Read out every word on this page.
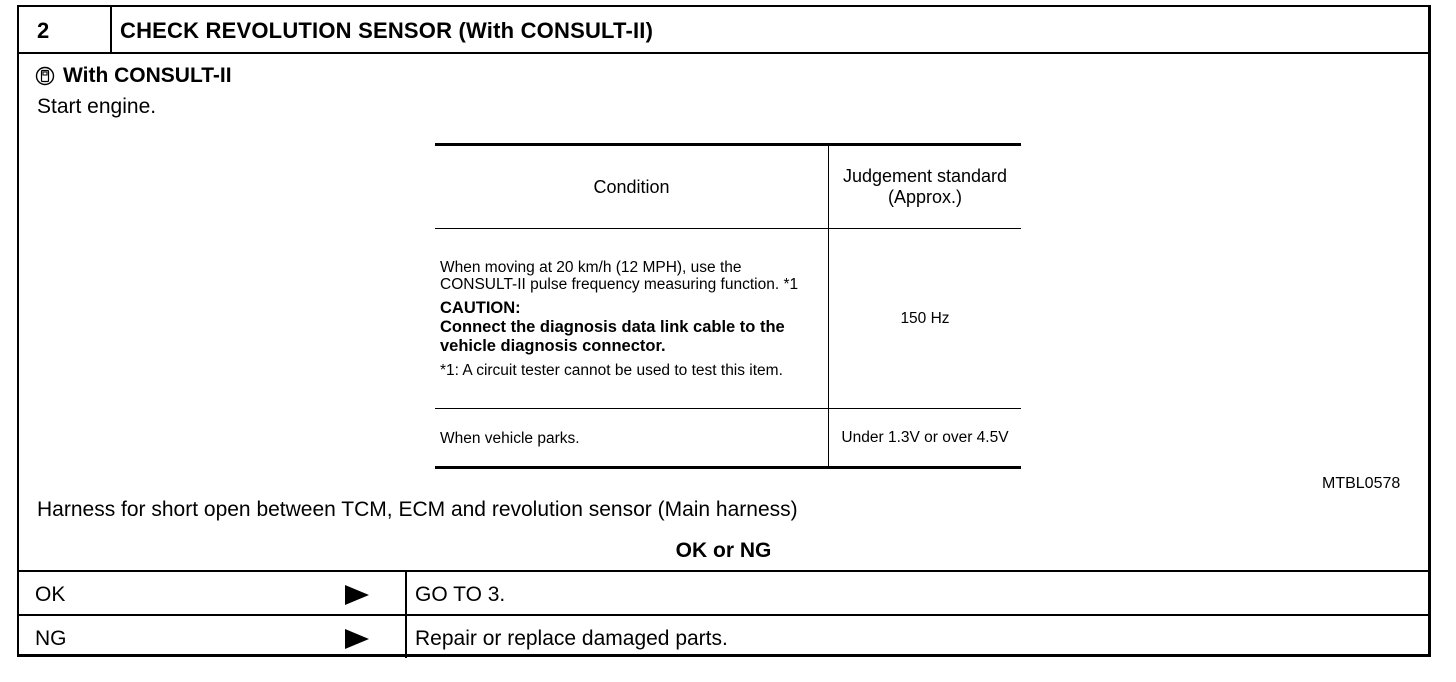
2	CHECK REVOLUTION SENSOR (With CONSULT-II)
With CONSULT-II
Start engine.
Condition	Judgement standard (Approx.)

When moving at 20 km/h (12 MPH), use the CONSULT-II pulse frequency measuring function. *1
CAUTION:
Connect the diagnosis data link cable to the vehicle diagnosis connector.
*1: A circuit tester cannot be used to test this item.	150 Hz
When vehicle parks.	Under 1.3V or over 4.5V
MTBL0578
Harness for short open between TCM, ECM and revolution sensor (Main harness)
OK or NG
OK	GO TO 3.
NG	Repair or replace damaged parts.
